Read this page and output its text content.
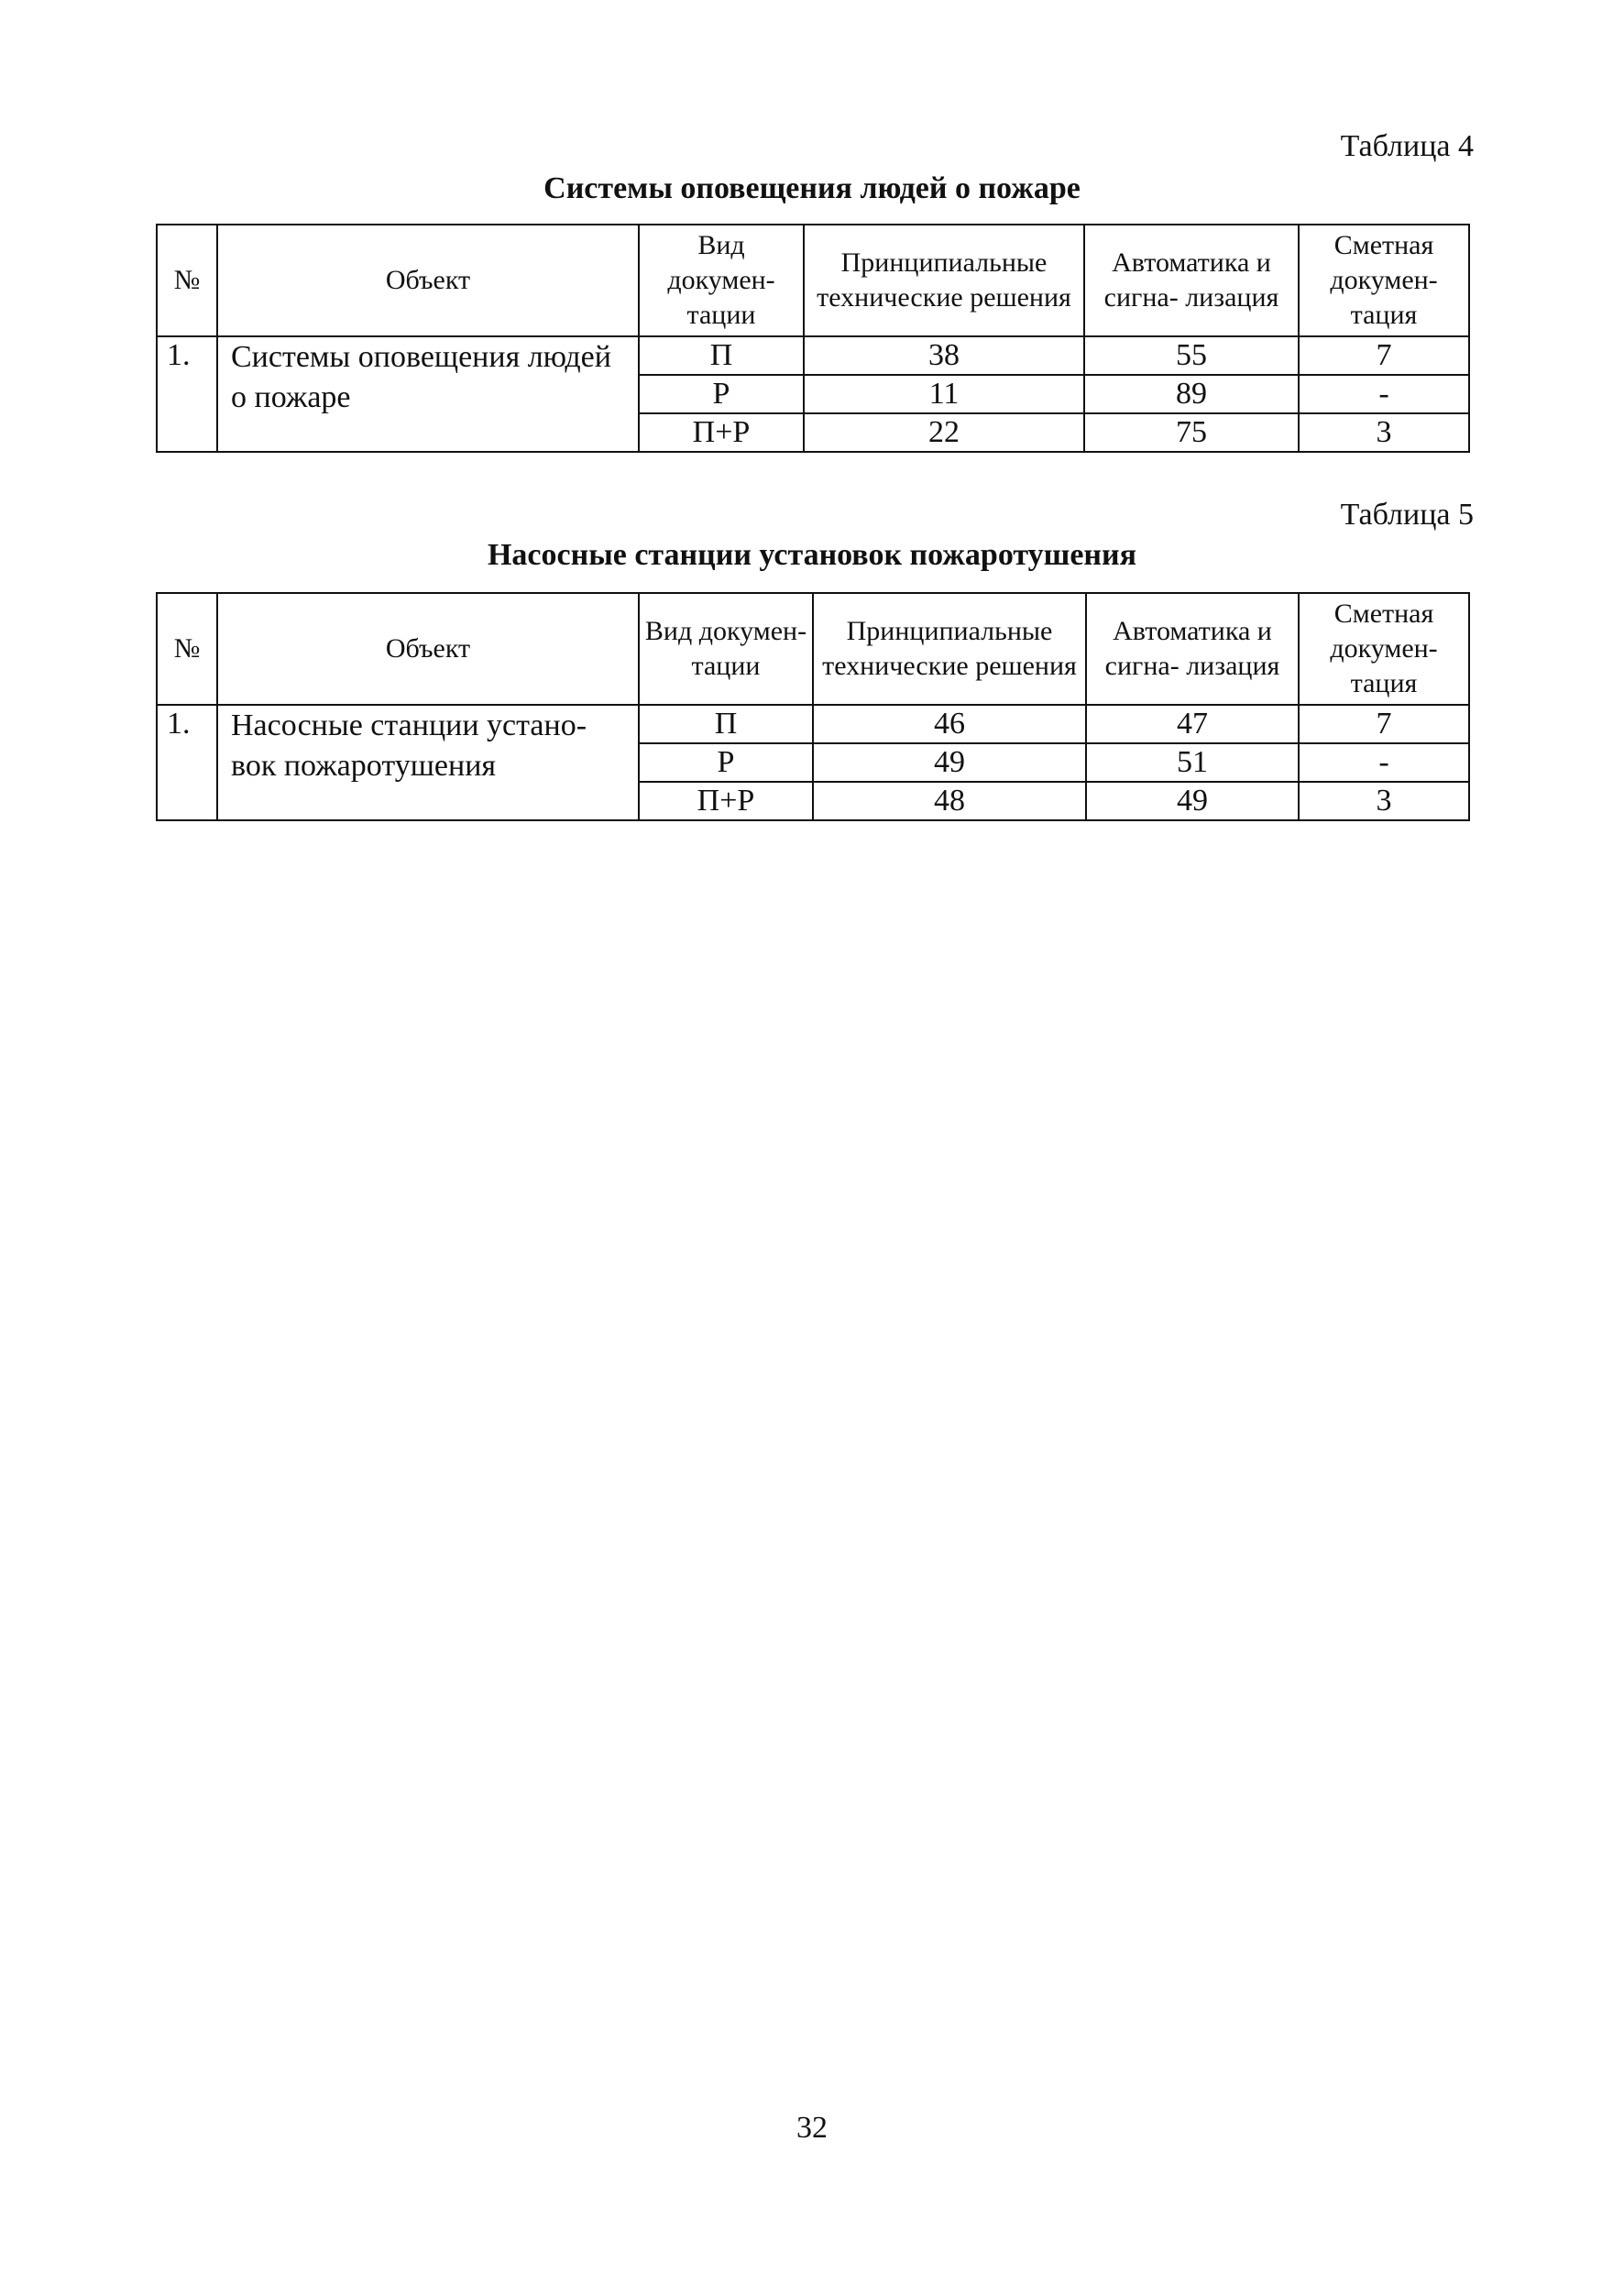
Таблица 4

Системы оповещения людей о пожаре
№	Объект	Вид докумен- тации	Принципиальные технические решения	Автоматика и сигна- лизация	Сметная докумен- тация
1.	Системы оповещения людей о пожаре	П	38	55	7
		Р	11	89	-
		П+Р	22	75	3

Таблица 5

Насосные станции установок пожаротушения
№	Объект	Вид докумен- тации	Принципиальные технические решения	Автоматика и сигна- лизация	Сметная докумен- тация
1.	Насосные станции устано- вок пожаротушения	П	46	47	7
		Р	49	51	-
		П+Р	48	49	3

32
